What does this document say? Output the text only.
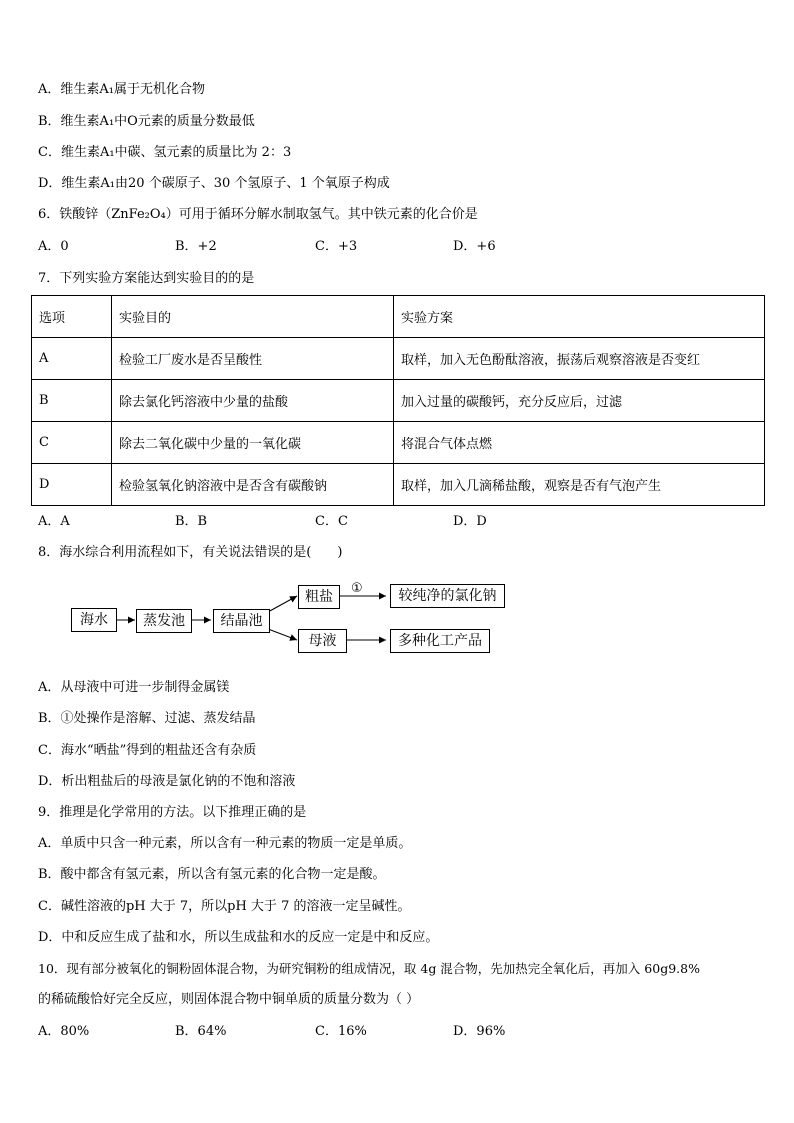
A．维生素A₁属于无机化合物
B．维生素A₁中O元素的质量分数最低
C．维生素A₁中碳、氢元素的质量比为 2：3
D．维生素A₁由20 个碳原子、30 个氢原子、1 个氧原子构成
6．铁酸锌（ZnFe₂O₄）可用于循环分解水制取氢气。其中铁元素的化合价是
A．0	B．+2	C．+3	D．+6
7．下列实验方案能达到实验目的的是
选项	实验目的	实验方案
A	检验工厂废水是否呈酸性	取样，加入无色酚酞溶液，振荡后观察溶液是否变红
B	除去氯化钙溶液中少量的盐酸	加入过量的碳酸钙，充分反应后，过滤
C	除去二氧化碳中少量的一氧化碳	将混合气体点燃
D	检验氢氧化钠溶液中是否含有碳酸钠	取样，加入几滴稀盐酸，观察是否有气泡产生
A．A	B．B	C．C	D．D
8．海水综合利用流程如下，有关说法错误的是(　　)
海水	蒸发池	结晶池
粗盐
①	较纯净的氯化钠
母液	多种化工产品
A．从母液中可进一步制得金属镁
B．①处操作是溶解、过滤、蒸发结晶
C．海水“晒盐”得到的粗盐还含有杂质
D．析出粗盐后的母液是氯化钠的不饱和溶液
9．推理是化学常用的方法。以下推理正确的是
A．单质中只含一种元素，所以含有一种元素的物质一定是单质。
B．酸中都含有氢元素，所以含有氢元素的化合物一定是酸。
C．碱性溶液的pH 大于 7，所以pH 大于 7 的溶液一定呈碱性。
D．中和反应生成了盐和水，所以生成盐和水的反应一定是中和反应。
10．现有部分被氧化的铜粉固体混合物，为研究铜粉的组成情况，取 4g 混合物，先加热完全氧化后，再加入 60g9.8%
的稀硫酸恰好完全反应，则固体混合物中铜单质的质量分数为（ ）
A．80%	B．64%	C．16%	D．96%
